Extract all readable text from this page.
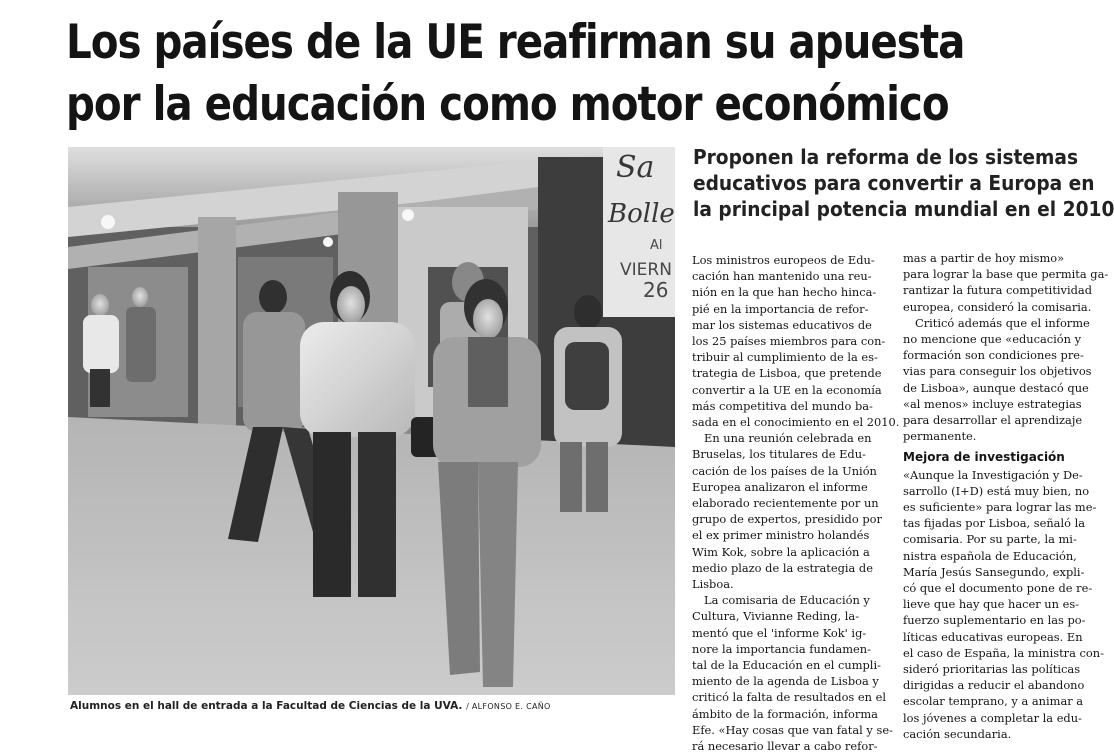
Los países de la UE reafirman su apuesta
por la educación como motor económico
Sa
Bolle
Al
VIERN
26
Alumnos en el hall de entrada a la Facultad de Ciencias de la UVA. / ALFONSO E. CAÑO
Proponen la reforma de los sistemas
educativos para convertir a Europa en
la principal potencia mundial en el 2010
Los ministros europeos de Edu-
cación han mantenido una reu-
nión en la que han hecho hinca-
pié en la importancia de refor-
mar los sistemas educativos de
los 25 países miembros para con-
tribuir al cumplimiento de la es-
trategia de Lisboa, que pretende
convertir a la UE en la economía
más competitiva del mundo ba-
sada en el conocimiento en el 2010.
En una reunión celebrada en
Bruselas, los titulares de Edu-
cación de los países de la Unión
Europea analizaron el informe
elaborado recientemente por un
grupo de expertos, presidido por
el ex primer ministro holandés
Wim Kok, sobre la aplicación a
medio plazo de la estrategia de
Lisboa.
La comisaria de Educación y
Cultura, Vivianne Reding, la-
mentó que el 'informe Kok' ig-
nore la importancia fundamen-
tal de la Educación en el cumpli-
miento de la agenda de Lisboa y
criticó la falta de resultados en el
ámbito de la formación, informa
Efe. «Hay cosas que van fatal y se-
rá necesario llevar a cabo refor-
mas a partir de hoy mismo»
para lograr la base que permita ga-
rantizar la futura competitividad
europea, consideró la comisaria.
Criticó además que el informe
no mencione que «educación y
formación son condiciones pre-
vias para conseguir los objetivos
de Lisboa», aunque destacó que
«al menos» incluye estrategias
para desarrollar el aprendizaje
permanente.
Mejora de investigación
«Aunque la Investigación y De-
sarrollo (I+D) está muy bien, no
es suficiente» para lograr las me-
tas fijadas por Lisboa, señaló la
comisaria. Por su parte, la mi-
nistra española de Educación,
María Jesús Sansegundo, expli-
có que el documento pone de re-
lieve que hay que hacer un es-
fuerzo suplementario en las po-
líticas educativas europeas. En
el caso de España, la ministra con-
sideró prioritarias las políticas
dirigidas a reducir el abandono
escolar temprano, y a animar a
los jóvenes a completar la edu-
cación secundaria.
